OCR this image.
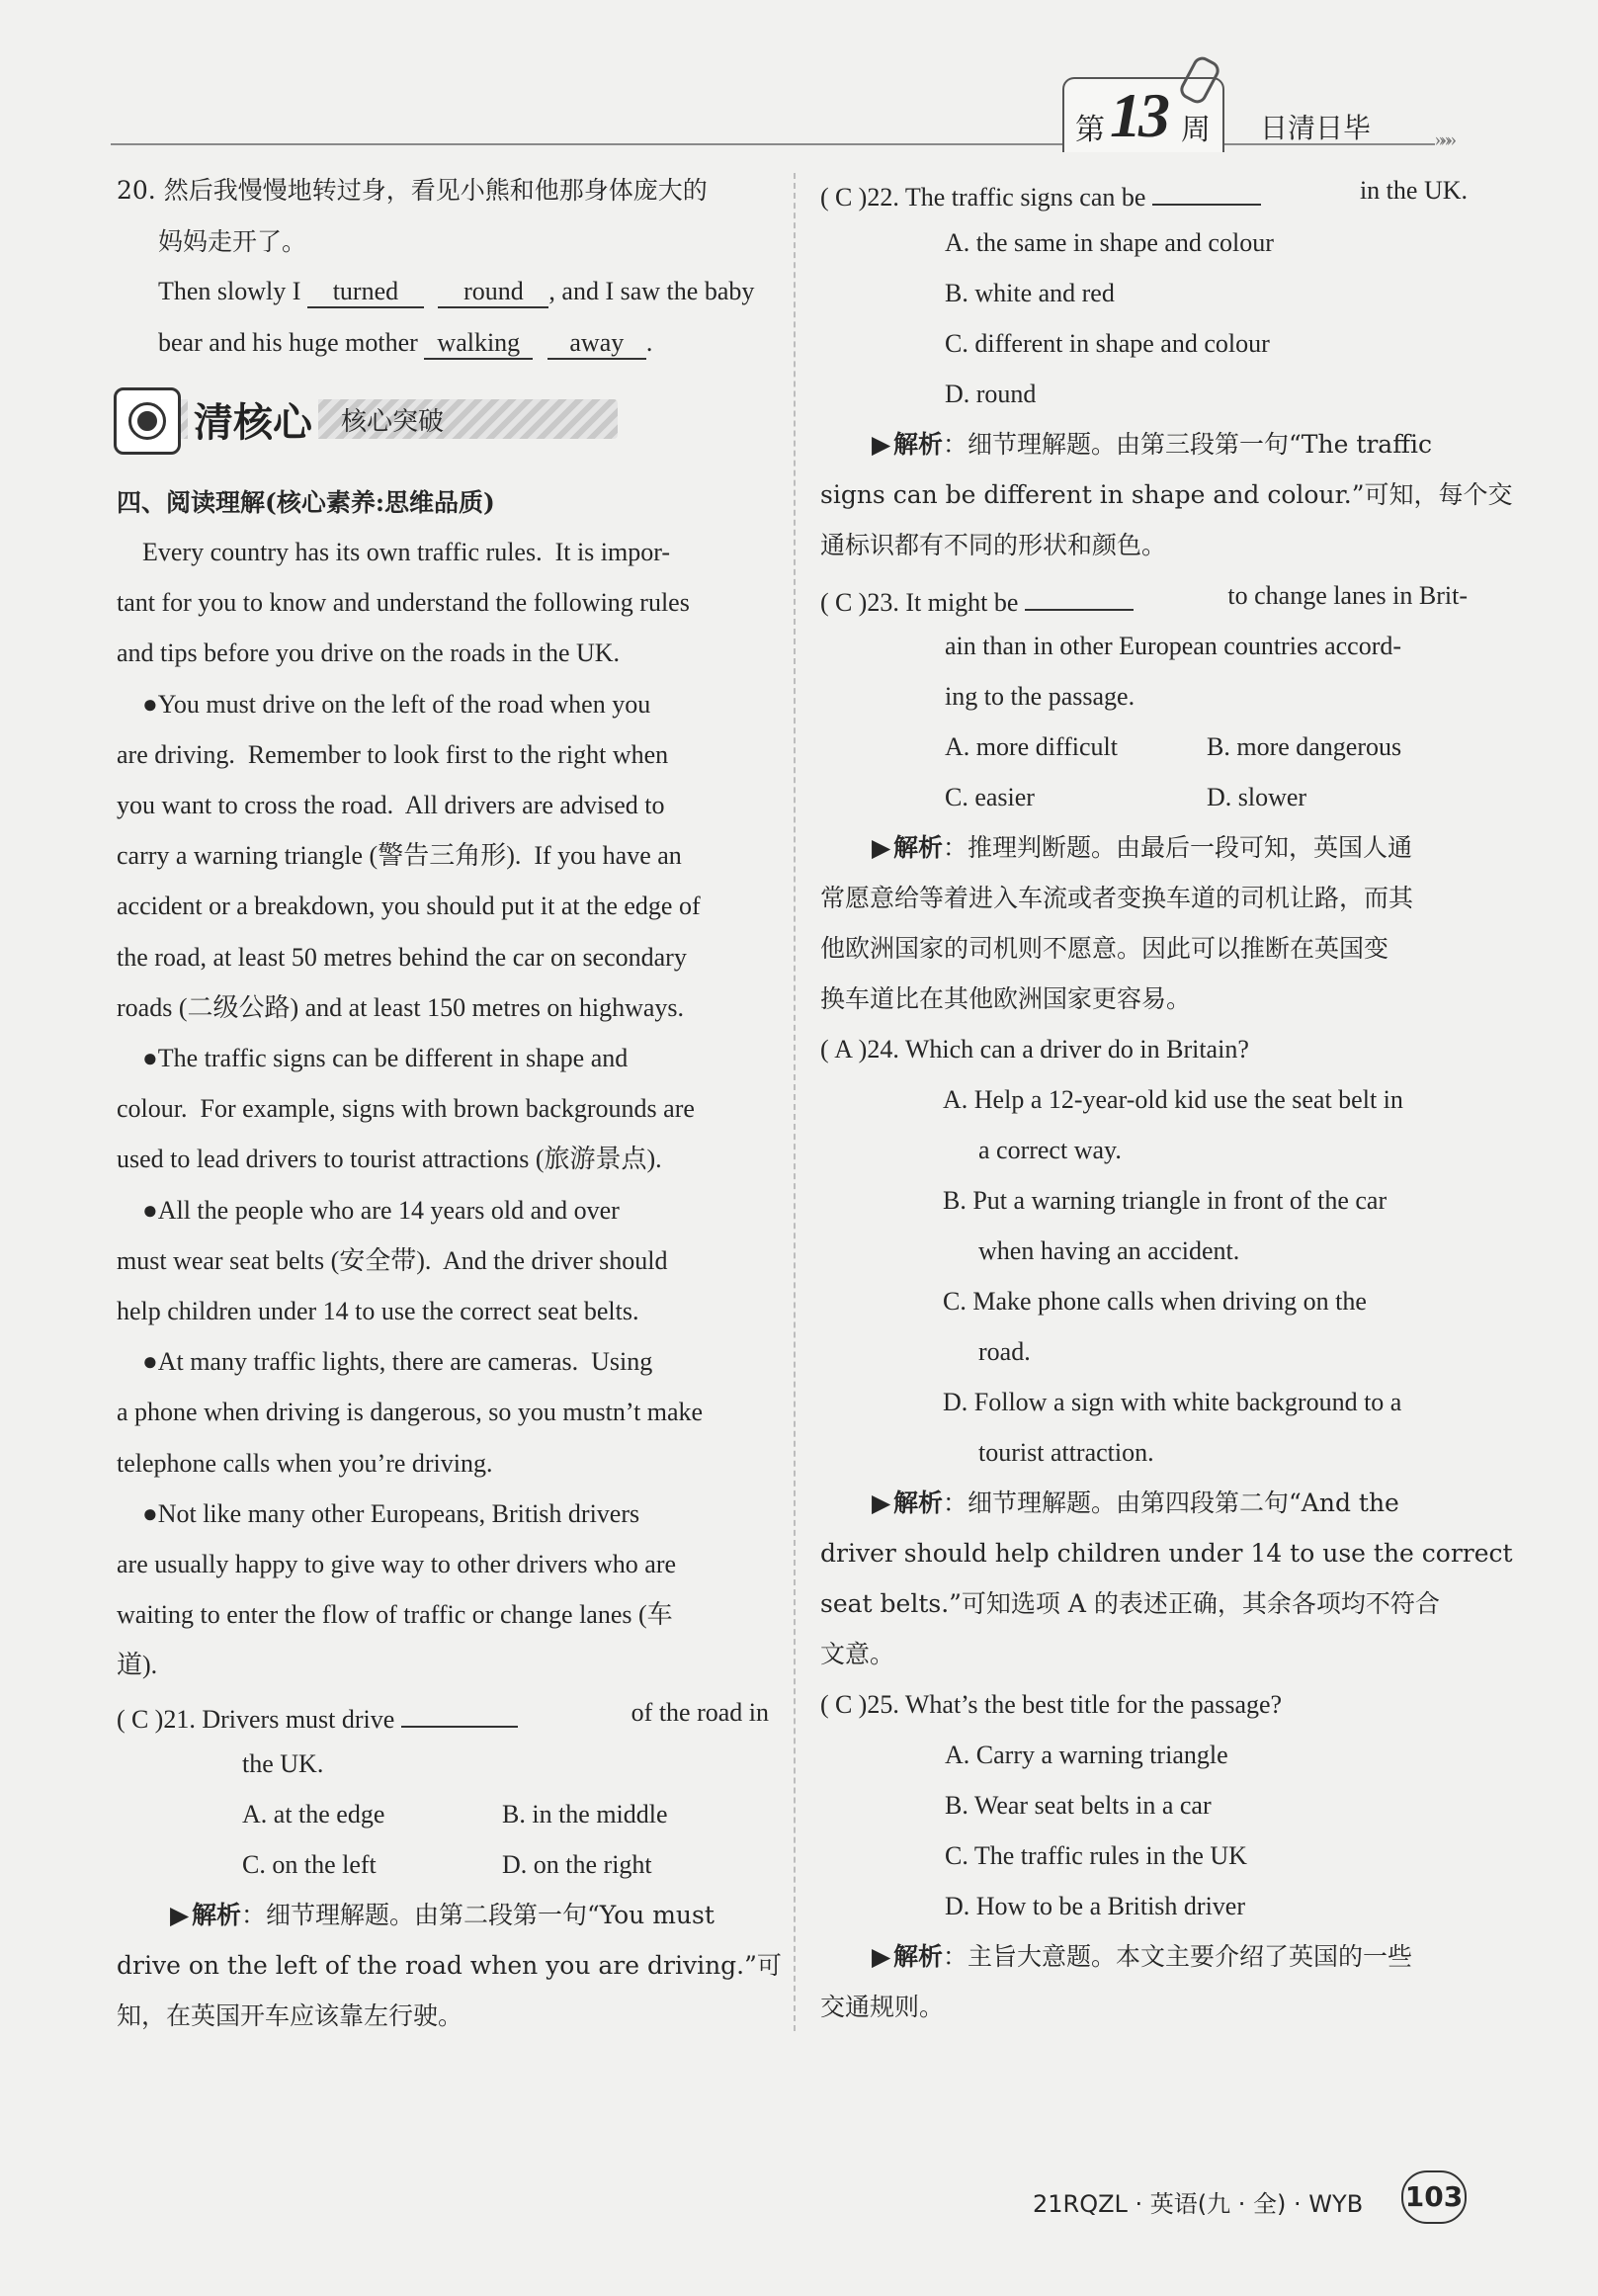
第 13 周 日清日毕	»»»
20. 然后我慢慢地转过身，看见小熊和他那身体庞大的
妈妈走开了。
Then slowly I turned	round , and I saw the baby
bear and his huge mother walking away .
清核心 核心突破
四、阅读理解(核心素养:思维品质)
Every country has its own traffic rules.  It is impor-
tant for you to know and understand the following rules
and tips before you drive on the roads in the UK.
●You must drive on the left of the road when you
are driving.  Remember to look first to the right when
you want to cross the road.  All drivers are advised to
carry a warning triangle (警告三角形).  If you have an
accident or a breakdown, you should put it at the edge of
the road, at least 50 metres behind the car on secondary
roads (二级公路) and at least 150 metres on highways.
●The traffic signs can be different in shape and
colour.  For example, signs with brown backgrounds are
used to lead drivers to tourist attractions (旅游景点).
●All the people who are 14 years old and over
must wear seat belts (安全带).  And the driver should
help children under 14 to use the correct seat belts.
●At many traffic lights, there are cameras.  Using
a phone when driving is dangerous, so you mustn’t make
telephone calls when you’re driving.
●Not like many other Europeans, British drivers
are usually happy to give way to other drivers who are
waiting to enter the flow of traffic or change lanes (车
道).
( C )21. Drivers must drive	of the road in
the UK.
A. at the edge	B. in the middle
C. on the left	D. on the right
▶ 解析：细节理解题。由第二段第一句“You must
drive on the left of the road when you are driving.”可
知，在英国开车应该靠左行驶。
( C )22. The traffic signs can be	in the UK.
A. the same in shape and colour
B. white and red
C. different in shape and colour
D. round
▶ 解析：细节理解题。由第三段第一句“The traffic
signs can be different in shape and colour.”可知，每个交
通标识都有不同的形状和颜色。
( C )23. It might be	to change lanes in Brit-
ain than in other European countries accord-
ing to the passage.
A. more difficult	B. more dangerous
C. easier	D. slower
▶ 解析：推理判断题。由最后一段可知，英国人通
常愿意给等着进入车流或者变换车道的司机让路，而其
他欧洲国家的司机则不愿意。因此可以推断在英国变
换车道比在其他欧洲国家更容易。
( A )24. Which can a driver do in Britain?
A. Help a 12-year-old kid use the seat belt in
a correct way.
B. Put a warning triangle in front of the car
when having an accident.
C. Make phone calls when driving on the
road.
D. Follow a sign with white background to a
tourist attraction.
▶ 解析：细节理解题。由第四段第二句“And the
driver should help children under 14 to use the correct
seat belts.”可知选项 A 的表述正确，其余各项均不符合
文意。
( C )25. What’s the best title for the passage?
A. Carry a warning triangle
B. Wear seat belts in a car
C. The traffic rules in the UK
D. How to be a British driver
▶ 解析：主旨大意题。本文主要介绍了英国的一些
交通规则。
21RQZL · 英语(九 · 全) · WYB 103
